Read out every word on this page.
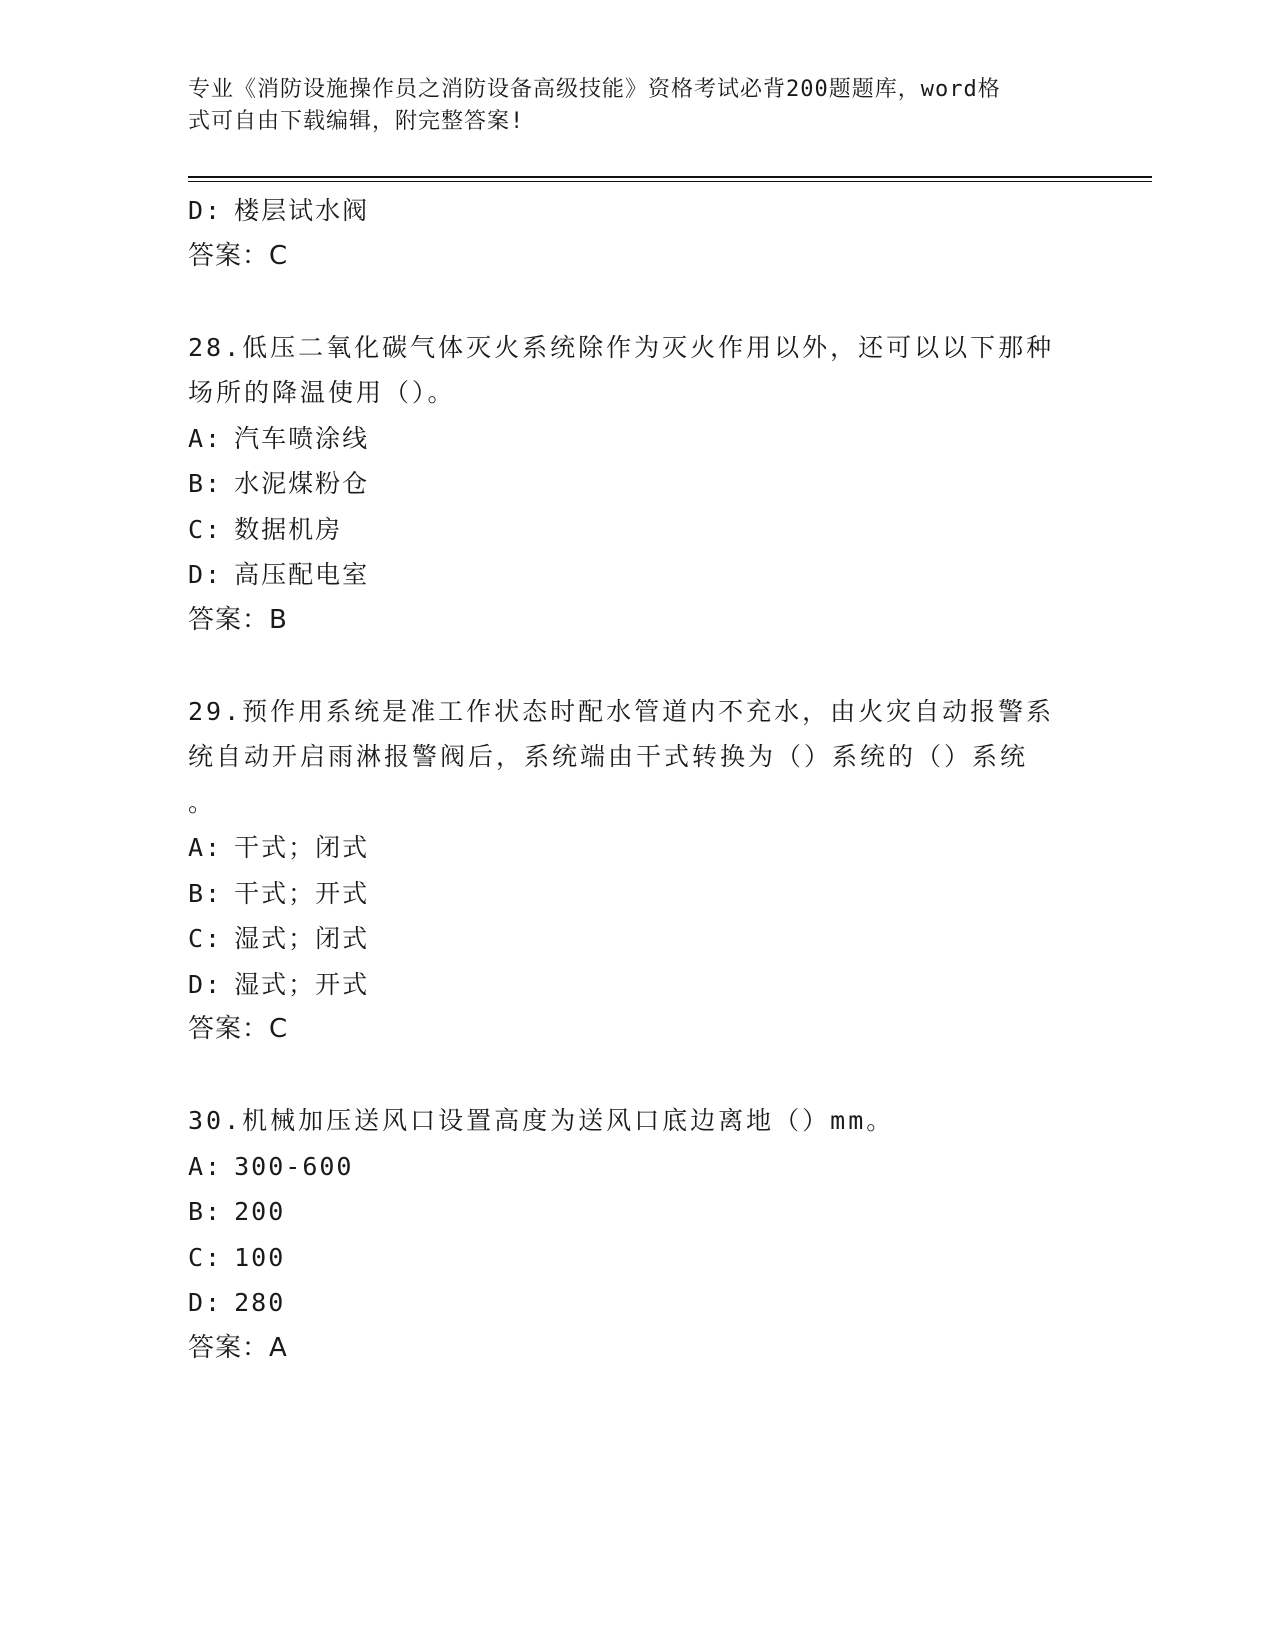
专业《消防设施操作员之消防设备高级技能》资格考试必背200题题库，word格
式可自由下载编辑，附完整答案!
D: 楼层试水阀
答案：C
28.低压二氧化碳气体灭火系统除作为灭火作用以外，还可以以下那种
场所的降温使用（）。
A: 汽车喷涂线
B: 水泥煤粉仓
C: 数据机房
D: 高压配电室
答案：B
29.预作用系统是准工作状态时配水管道内不充水，由火灾自动报警系
统自动开启雨淋报警阀后，系统端由干式转换为（）系统的（）系统
。
A: 干式；闭式
B: 干式；开式
C: 湿式；闭式
D: 湿式；开式
答案：C
30.机械加压送风口设置高度为送风口底边离地（）mm。
A: 300-600
B: 200
C: 100
D: 280
答案：A
